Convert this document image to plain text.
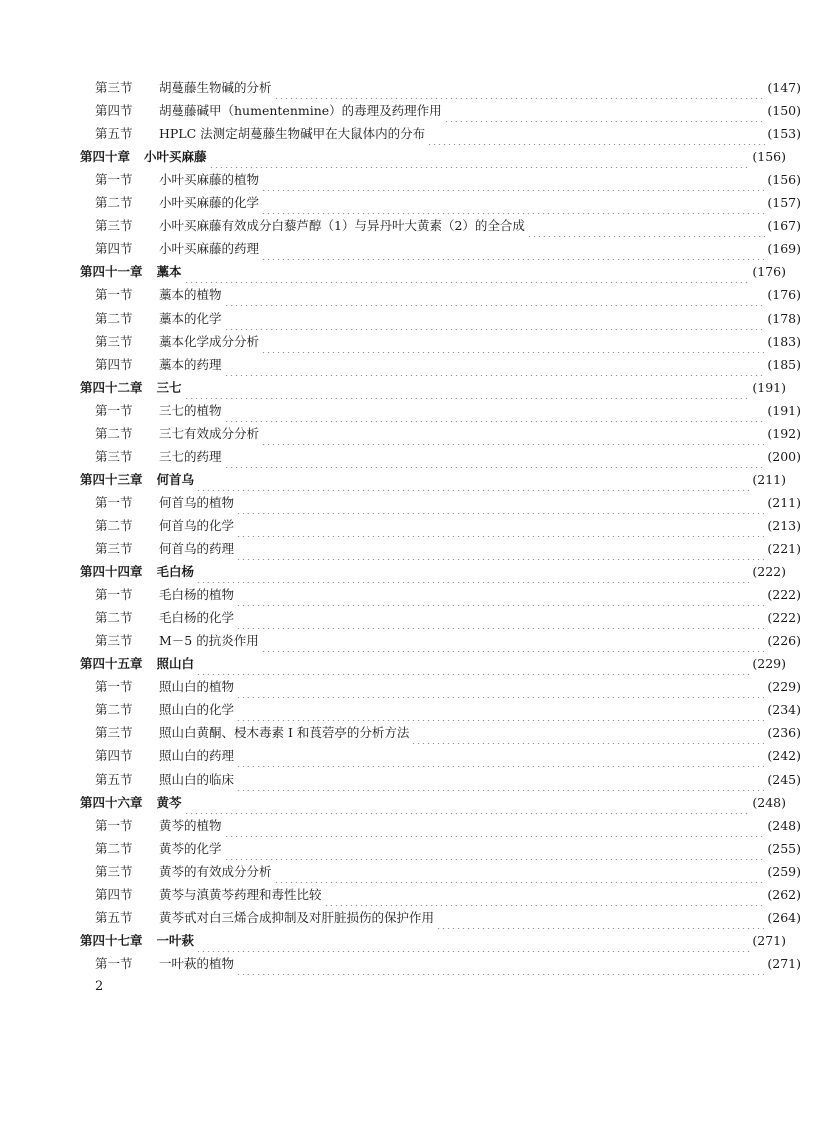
第三节	胡蔓藤生物碱的分析	(147)
第四节	胡蔓藤碱甲（humentenmine）的毒理及药理作用	(150)
第五节	HPLC 法测定胡蔓藤生物碱甲在大鼠体内的分布	(153)
第四十章 小叶买麻藤	(156)
第一节	小叶买麻藤的植物	(156)
第二节	小叶买麻藤的化学	(157)
第三节	小叶买麻藤有效成分白藜芦醇（1）与异丹叶大黄素（2）的全合成	(167)
第四节	小叶买麻藤的药理	(169)
第四十一章 藁本	(176)
第一节	藁本的植物	(176)
第二节	藁本的化学	(178)
第三节	藁本化学成分分析	(183)
第四节	藁本的药理	(185)
第四十二章 三七	(191)
第一节	三七的植物	(191)
第二节	三七有效成分分析	(192)
第三节	三七的药理	(200)
第四十三章 何首乌	(211)
第一节	何首乌的植物	(211)
第二节	何首乌的化学	(213)
第三节	何首乌的药理	(221)
第四十四章 毛白杨	(222)
第一节	毛白杨的植物	(222)
第二节	毛白杨的化学	(222)
第三节	M－5 的抗炎作用	(226)
第四十五章 照山白	(229)
第一节	照山白的植物	(229)
第二节	照山白的化学	(234)
第三节	照山白黄酮、梫木毒素 I 和莨菪亭的分析方法	(236)
第四节	照山白的药理	(242)
第五节	照山白的临床	(245)
第四十六章 黄芩	(248)
第一节	黄芩的植物	(248)
第二节	黄芩的化学	(255)
第三节	黄芩的有效成分分析	(259)
第四节	黄芩与滇黄芩药理和毒性比较	(262)
第五节	黄芩甙对白三烯合成抑制及对肝脏损伤的保护作用	(264)
第四十七章 一叶萩	(271)
第一节	一叶萩的植物	(271)
2
